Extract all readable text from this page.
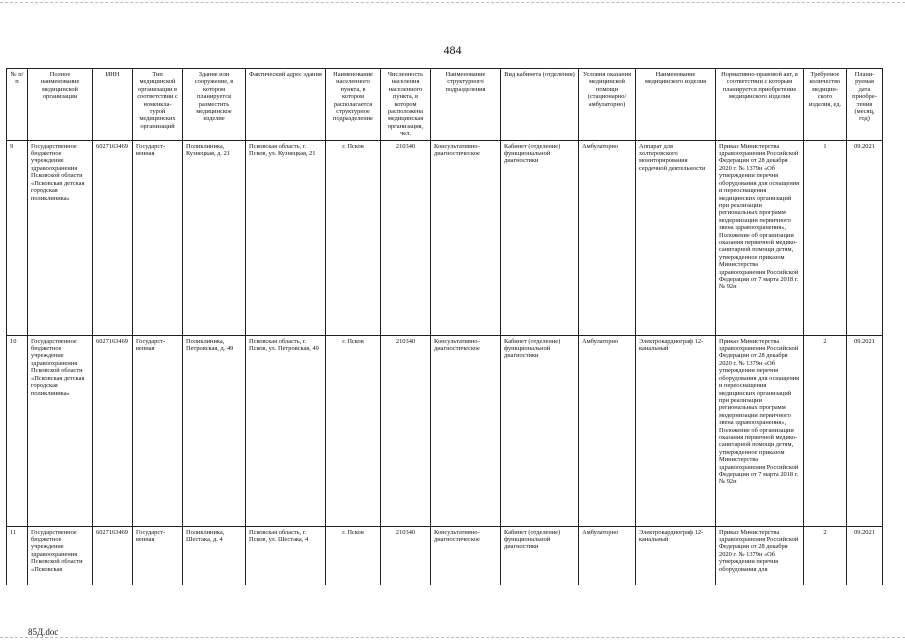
484
№ п/п	Полное наименование медицинской организации	ИНН	Тип медицинской организации в соответствии с номенкла-турой медицинских организаций	Здание или сооружение, в котором планируется разместить медицинское изделие	Фактический адрес здания	Наименование населенного пункта, в котором располагается структурное подразделение	Численность населения населенного пункта, в котором расположена медицинская организация, чел.	Наименование структурного подразделения	Вид кабинета (отделения)	Условия оказания медицинской помощи (стационарно/ амбулаторно)	Наименование медицинского изделия	Нормативно-правовой акт, в соответствии с которым планируется приобретение медицинского изделия	Требуемое количество медицин-ского изделия, ед.	Плани-руемая дата приобре-тения (месяц, год)
9	Государственное бюджетное учреждение здравоохранения Псковской области «Псковская детская городская поликлиника»	6027163469	Государст-венная	Поликлиника, Кузнецкая, д. 21	Псковская область, г. Псков, ул. Кузнецкая, 21	г. Псков	210340	Консультативно-диагностическое	Кабинет (отделение) функциональной диагностики	Амбулаторно	Аппарат для холтеровского мониторирования сердечной деятельности	Приказ Министерства здравоохранения Российской Федерации от 28 декабря 2020 г. № 1379н «Об утверждении перечня оборудования для оснащения и переоснащения медицинских организаций при реализации региональных программ модернизации первичного звена здравоохранения», Положение об организации оказания первичной медико-санитарной помощи детям, утвержденное приказом Министерства здравоохранения Российской Федерации от 7 марта 2018 г. № 92н	1	09.2021
10	Государственное бюджетное учреждение здравоохранения Псковской области «Псковская детская городская поликлиника»	6027163469	Государст-венная	Поликлиника, Петровская, д. 49	Псковская область, г. Псков, ул. Петровская, 49	г. Псков	210340	Консультативно-диагностическое	Кабинет (отделение) функциональной диагностики	Амбулаторно	Электрокардиограф 12-канальный	Приказ Министерства здравоохранения Российской Федерации от 28 декабря 2020 г. № 1379н «Об утверждении перечня оборудования для оснащения и переоснащения медицинских организаций при реализации региональных программ модернизации первичного звена здравоохранения», Положение об организации оказания первичной медико-санитарной помощи детям, утвержденное приказом Министерства здравоохранения Российской Федерации от 7 марта 2018 г. № 92н	2	09.2021
11	Государственное бюджетное учреждение здравоохранения Псковской области «Псковская	6027163469	Государст-венная	Поликлиника, Шестака, д. 4	Псковская область, г. Псков, ул. Шестака, 4	г. Псков	210340	Консультативно-диагностическое	Кабинет (отделение) функциональной диагностики	Амбулаторно	Электрокардиограф 12-канальный	Приказ Министерства здравоохранения Российской Федерации от 28 декабря 2020 г. № 1379н «Об утверждении перечня оборудования для	2	09.2021
85Д.doc
